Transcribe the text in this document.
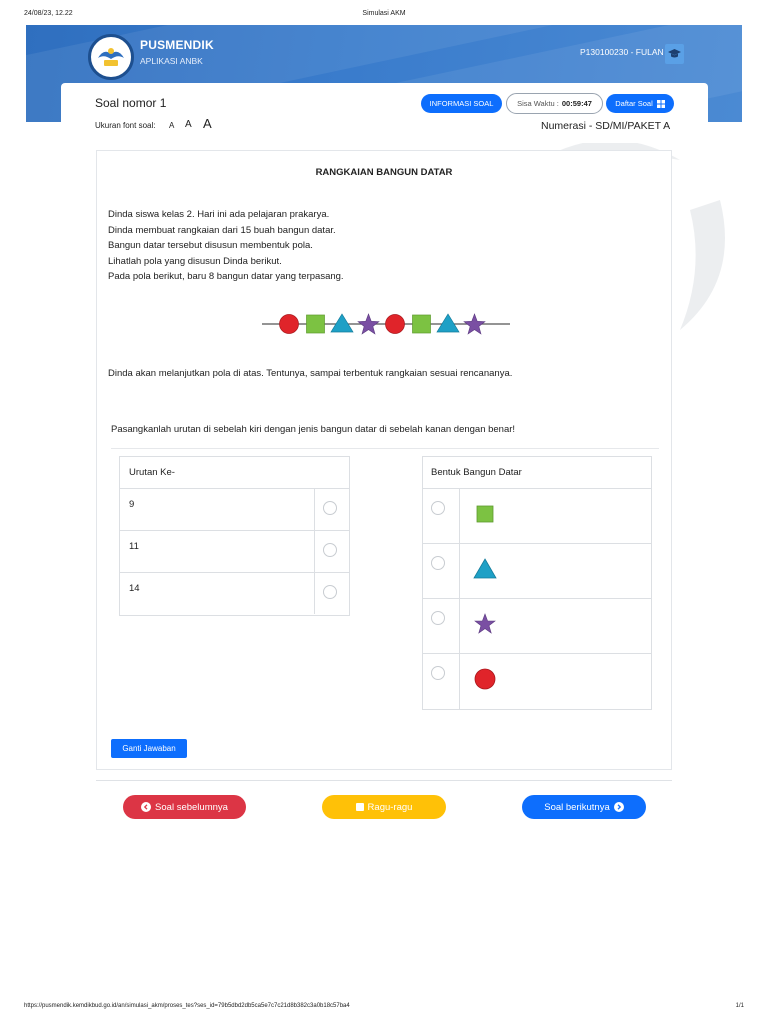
24/08/23, 12.22	Simulasi AKM
PUSMENDIK
APLIKASI ANBK
P130100230 - FULAN
Soal nomor 1
Ukuran font soal: A A A
INFORMASI SOAL	Sisa Waktu : 00:59:47	Daftar Soal
Numerasi - SD/MI/PAKET A
RANGKAIAN BANGUN DATAR
Dinda siswa kelas 2. Hari ini ada pelajaran prakarya.
Dinda membuat rangkaian dari 15 buah bangun datar.
Bangun datar tersebut disusun membentuk pola.
Lihatlah pola yang disusun Dinda berikut.
Pada pola berikut, baru 8 bangun datar yang terpasang.
Dinda akan melanjutkan pola di atas. Tentunya, sampai terbentuk rangkaian sesuai rencananya.
Pasangkanlah urutan di sebelah kiri dengan jenis bangun datar di sebelah kanan dengan benar!
Urutan Ke-
9
11
14
Bentuk Bangun Datar
Ganti Jawaban
Soal sebelumnya	Ragu-ragu	Soal berikutnya
https://pusmendik.kemdikbud.go.id/an/simulasi_akm/proses_tes?ses_id=79b5dbd2db5ca5e7c7c21d8b382c3a0b18c57ba4	1/1
